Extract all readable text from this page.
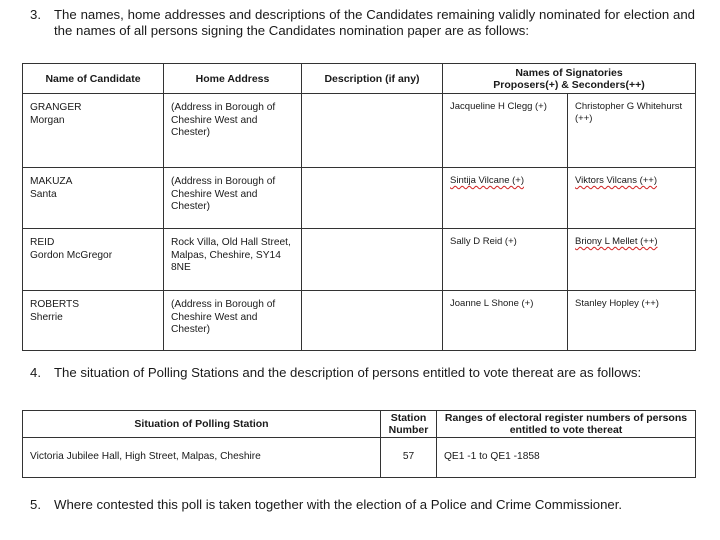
3. The names, home addresses and descriptions of the Candidates remaining validly nominated for election and the names of all persons signing the Candidates nomination paper are as follows:
Name of Candidate	Home Address	Description (if any)	Names of Signatories
Proposers(+) & Seconders(++)	

GRANGER
Morgan	(Address in Borough of Cheshire West and Chester)		Jacqueline H Clegg (+)	Christopher G Whitehurst (++)

MAKUZA
Santa	(Address in Borough of Cheshire West and Chester)		Sintija Vilcane (+)	Viktors Vilcans (++)

REID
Gordon McGregor	Rock Villa, Old Hall Street, Malpas, Cheshire, SY14 8NE		Sally D Reid (+)	Briony L Mellet (++)

ROBERTS
Sherrie	(Address in Borough of Cheshire West and Chester)		Joanne L Shone (+)	Stanley Hopley (++)
4. The situation of Polling Stations and the description of persons entitled to vote thereat are as follows:
Situation of Polling Station	Station Number	Ranges of electoral register numbers of persons entitled to vote thereat
Victoria Jubilee Hall, High Street, Malpas, Cheshire	57	QE1 -1 to QE1 -1858
5. Where contested this poll is taken together with the election of a Police and Crime Commissioner.
